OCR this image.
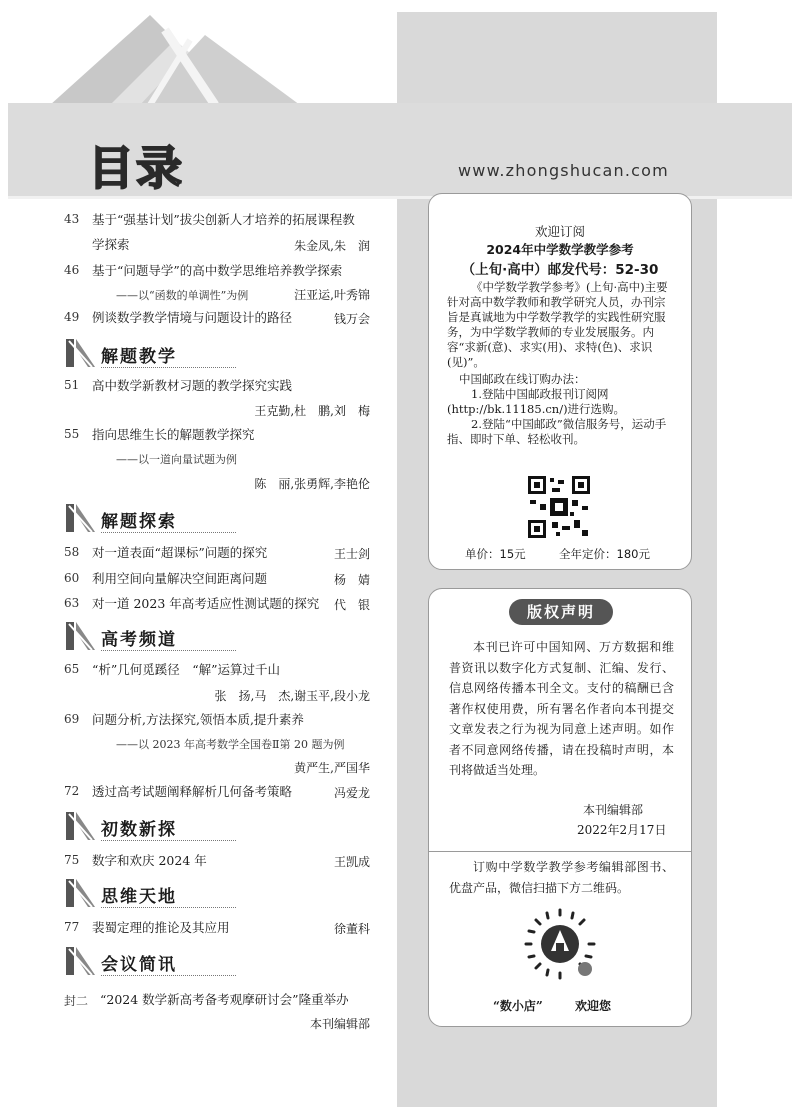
目录	www.zhongshucan.com
43 基于“强基计划”拔尖创新人才培养的拓展课程教
学探索	朱金凤,朱　润
46 基于“问题导学”的高中数学思维培养教学探索
——以“函数的单调性”为例	汪亚运,叶秀锦
49 例谈数学教学情境与问题设计的路径	钱万会
解题教学
51 高中数学新教材习题的教学探究实践
王克勤,杜　鹏,刘　梅
55 指向思维生长的解题教学探究
——以一道向量试题为例
陈　丽,张勇辉,李艳伦
解题探索
58 对一道表面“超课标”问题的探究	王士剑
60 利用空间向量解决空间距离问题	杨　婧
63 对一道 2023 年高考适应性测试题的探究 代　银
高考频道
65 “析”几何觅蹊径　“解”运算过千山
张　扬,马　杰,谢玉平,段小龙
69 问题分析,方法探究,领悟本质,提升素养
——以 2023 年高考数学全国卷Ⅱ第 20 题为例
黄严生,严国华
72 透过高考试题阐释解析几何备考策略	冯爱龙
初数新探
75 数字和欢庆 2024 年	王凯成
思维天地
77 裴蜀定理的推论及其应用	徐董科
会议简讯
封二 “2024 数学新高考备考观摩研讨会”隆重举办
本刊编辑部
欢迎订阅
2024年中学数学教学参考
（上旬·高中）邮发代号：52-30
《中学数学教学参考》(上旬·高中)主要针对高中数学教师和教学研究人员，办刊宗旨是真诚地为中学数学教学的实践性研究服务，为中学数学教师的专业发展服务。内容“求新(意)、求实(用)、求特(色)、求识(见)”。
中国邮政在线订购办法：
1.登陆中国邮政报刊订阅网(http://bk.11185.cn/)进行选购。
2.登陆“中国邮政”微信服务号，运动手指、即时下单、轻松收刊。
单价：15元	全年定价：180元
版权声明
本刊已许可中国知网、万方数据和维普资讯以数字化方式复制、汇编、发行、信息网络传播本刊全文。支付的稿酬已含著作权使用费，所有署名作者向本刊提交文章发表之行为视为同意上述声明。如作者不同意网络传播，请在投稿时声明，本刊将做适当处理。
本刊编辑部
2022年2月17日
订购中学数学教学参考编辑部图书、优盘产品，微信扫描下方二维码。
“数小店”	欢迎您
